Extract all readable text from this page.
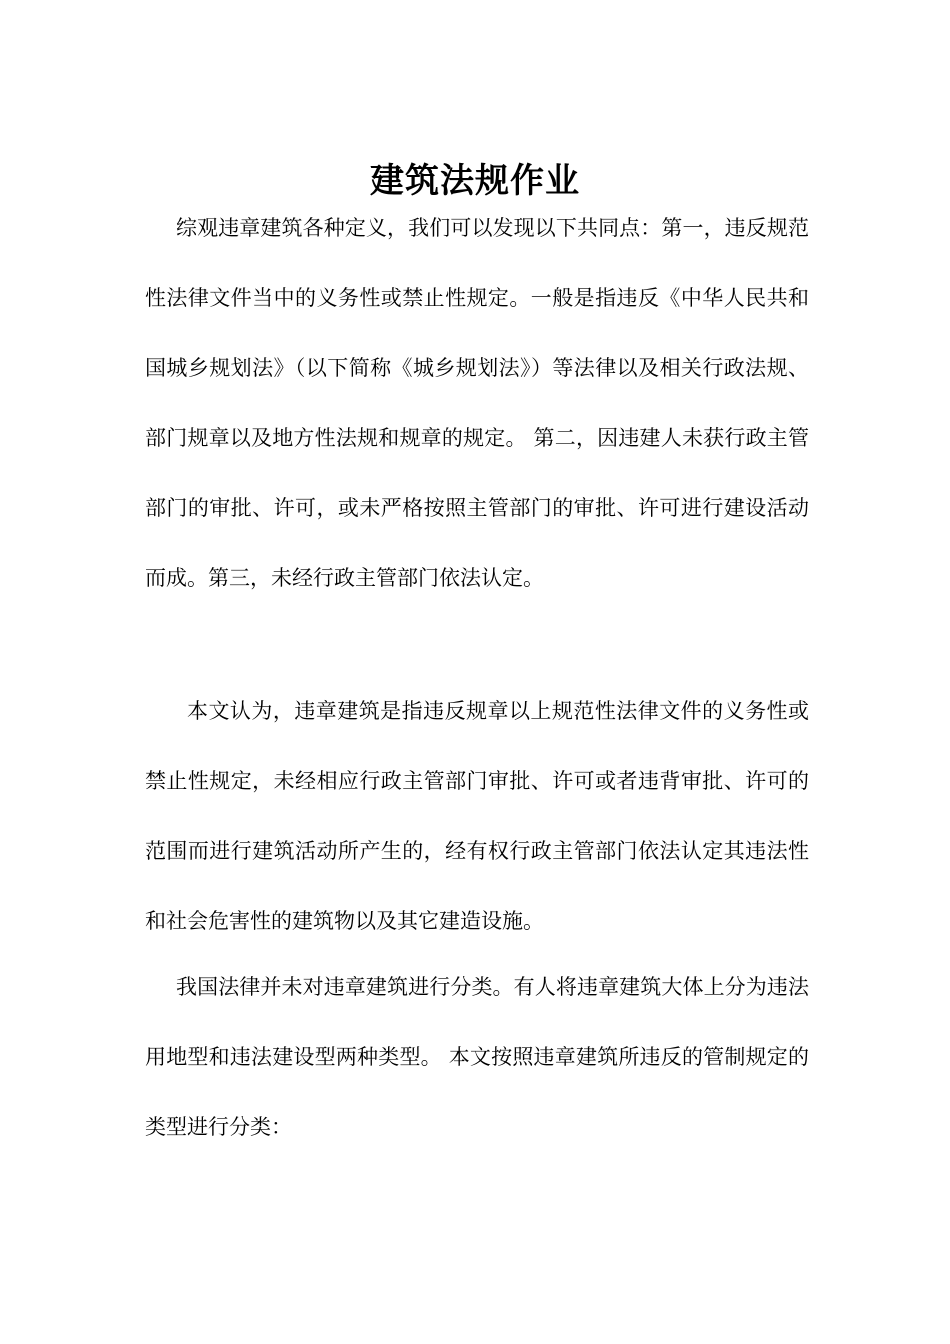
建筑法规作业

综观违章建筑各种定义，我们可以发现以下共同点：第一，违反规范性法律文件当中的义务性或禁止性规定。一般是指违反《中华人民共和国城乡规划法》（以下简称《城乡规划法》）等法律以及相关行政法规、部门规章以及地方性法规和规章的规定。 第二，因违建人未获行政主管部门的审批、许可，或未严格按照主管部门的审批、许可进行建设活动而成。第三，未经行政主管部门依法认定。

本文认为，违章建筑是指违反规章以上规范性法律文件的义务性或禁止性规定，未经相应行政主管部门审批、许可或者违背审批、许可的范围而进行建筑活动所产生的，经有权行政主管部门依法认定其违法性和社会危害性的建筑物以及其它建造设施。

我国法律并未对违章建筑进行分类。有人将违章建筑大体上分为违法用地型和违法建设型两种类型。 本文按照违章建筑所违反的管制规定的类型进行分类：
